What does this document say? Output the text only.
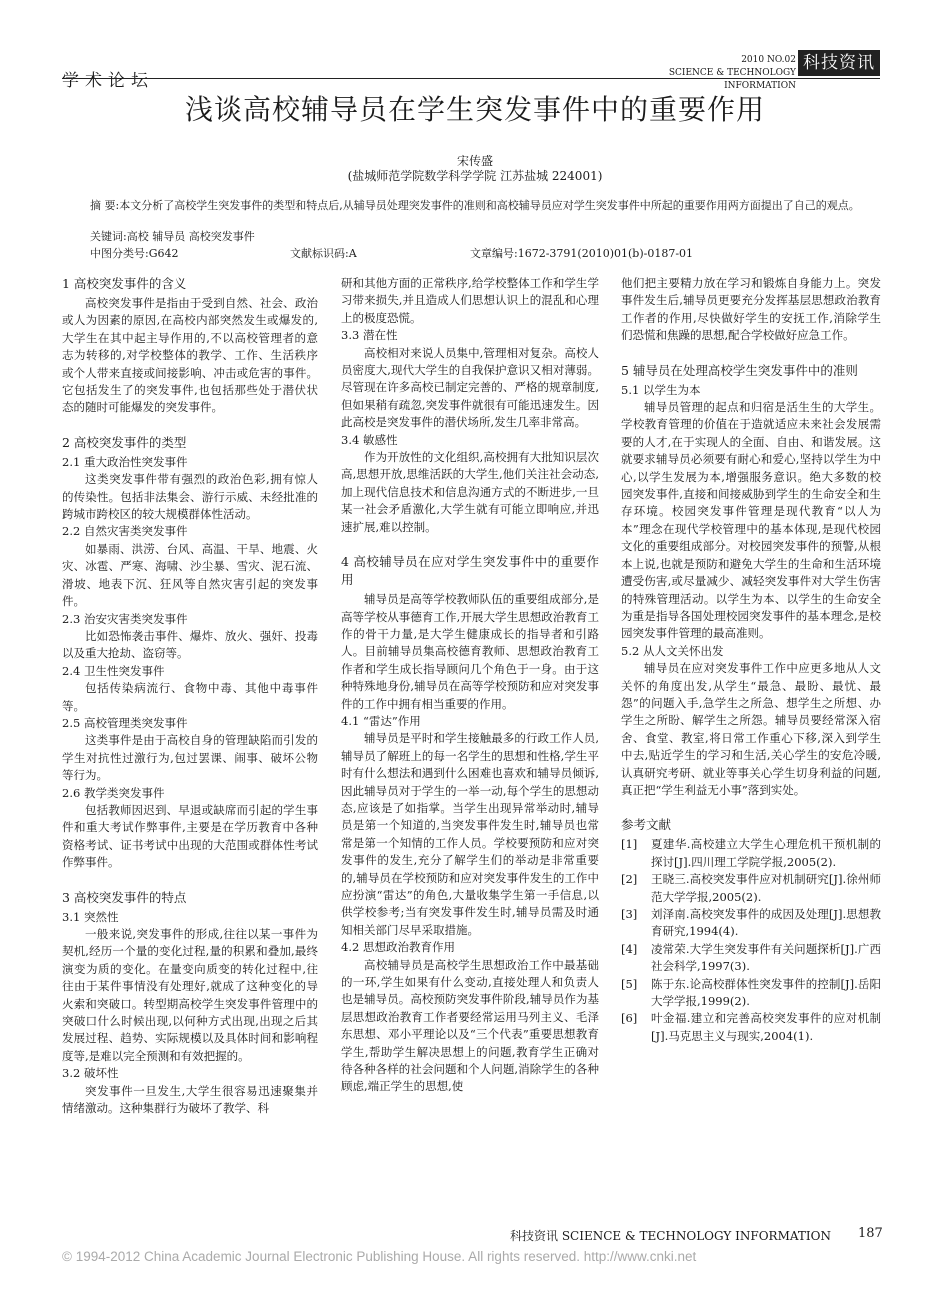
学术论坛
2010 NO.02
SCIENCE & TECHNOLOGY INFORMATION
科技资讯
浅谈高校辅导员在学生突发事件中的重要作用
宋传盛
(盐城师范学院数学科学学院 江苏盐城 224001)
摘 要:本文分析了高校学生突发事件的类型和特点后,从辅导员处理突发事件的准则和高校辅导员应对学生突发事件中所起的重要作用两方面提出了自己的观点。
关键词:高校 辅导员 高校突发事件
中图分类号:G642	文献标识码:A	文章编号:1672-3791(2010)01(b)-0187-01
1 高校突发事件的含义

高校突发事件是指由于受到自然、社会、政治或人为因素的原因,在高校内部突然发生或爆发的,大学生在其中起主导作用的,不以高校管理者的意志为转移的,对学校整体的教学、工作、生活秩序或个人带来直接或间接影响、冲击或危害的事件。它包括发生了的突发事件,也包括那些处于潜伏状态的随时可能爆发的突发事件。

2 高校突发事件的类型
2.1 重大政治性突发事件

这类突发事件带有强烈的政治色彩,拥有惊人的传染性。包括非法集会、游行示威、未经批准的跨城市跨校区的较大规模群体性活动。

2.2 自然灾害类突发事件

如暴雨、洪涝、台风、高温、干旱、地震、火灾、冰雹、严寒、海啸、沙尘暴、雪灾、泥石流、滑坡、地表下沉、狂风等自然灾害引起的突发事件。

2.3 治安灾害类突发事件

比如恐怖袭击事件、爆炸、放火、强奸、投毒以及重大抢劫、盗窃等。

2.4 卫生性突发事件

包括传染病流行、食物中毒、其他中毒事件等。

2.5 高校管理类突发事件

这类事件是由于高校自身的管理缺陷而引发的学生对抗性过激行为,包过罢课、闹事、破坏公物等行为。

2.6 教学类突发事件

包括教师因迟到、早退或缺席而引起的学生事件和重大考试作弊事件,主要是在学历教育中各种资格考试、证书考试中出现的大范围或群体性考试作弊事件。

3 高校突发事件的特点
3.1 突然性

一般来说,突发事件的形成,往往以某一事件为契机,经历一个量的变化过程,量的积累和叠加,最终演变为质的变化。在量变向质变的转化过程中,往往由于某件事情没有处理好,就成了这种变化的导火索和突破口。转型期高校学生突发事件管理中的突破口什么时候出现,以何种方式出现,出现之后其发展过程、趋势、实际规模以及具体时间和影响程度等,是难以完全预测和有效把握的。

3.2 破坏性

突发事件一旦发生,大学生很容易迅速聚集并情绪激动。这种集群行为破坏了教学、科

研和其他方面的正常秩序,给学校整体工作和学生学习带来损失,并且造成人们思想认识上的混乱和心理上的极度恐慌。

3.3 潜在性

高校相对来说人员集中,管理相对复杂。高校人员密度大,现代大学生的自我保护意识又相对薄弱。尽管现在许多高校已制定完善的、严格的规章制度,但如果稍有疏忽,突发事件就很有可能迅速发生。因此高校是突发事件的潜伏场所,发生几率非常高。

3.4 敏感性

作为开放性的文化组织,高校拥有大批知识层次高,思想开放,思维活跃的大学生,他们关注社会动态,加上现代信息技术和信息沟通方式的不断进步,一旦某一社会矛盾激化,大学生就有可能立即响应,并迅速扩展,难以控制。

4 高校辅导员在应对学生突发事件中的重要作用

辅导员是高等学校教师队伍的重要组成部分,是高等学校从事德育工作,开展大学生思想政治教育工作的骨干力量,是大学生健康成长的指导者和引路人。目前辅导员集高校德育教师、思想政治教育工作者和学生成长指导顾问几个角色于一身。由于这种特殊地身份,辅导员在高等学校预防和应对突发事件的工作中拥有相当重要的作用。

4.1 “雷达”作用

辅导员是平时和学生接触最多的行政工作人员,辅导员了解班上的每一名学生的思想和性格,学生平时有什么想法和遇到什么困难也喜欢和辅导员倾诉,因此辅导员对于学生的一举一动,每个学生的思想动态,应该是了如指掌。当学生出现异常举动时,辅导员是第一个知道的,当突发事件发生时,辅导员也常常是第一个知情的工作人员。学校要预防和应对突发事件的发生,充分了解学生们的举动是非常重要的,辅导员在学校预防和应对突发事件发生的工作中应扮演“雷达”的角色,大量收集学生第一手信息,以供学校参考;当有突发事件发生时,辅导员需及时通知相关部门尽早采取措施。

4.2 思想政治教育作用

高校辅导员是高校学生思想政治工作中最基础的一环,学生如果有什么变动,直接处理人和负责人也是辅导员。高校预防突发事件阶段,辅导员作为基层思想政治教育工作者要经常运用马列主义、毛泽东思想、邓小平理论以及“三个代表”重要思想教育学生,帮助学生解决思想上的问题,教育学生正确对待各种各样的社会问题和个人问题,消除学生的各种顾虑,端正学生的思想,使

他们把主要精力放在学习和锻炼自身能力上。突发事件发生后,辅导员更要充分发挥基层思想政治教育工作者的作用,尽快做好学生的安抚工作,消除学生们恐慌和焦躁的思想,配合学校做好应急工作。

5 辅导员在处理高校学生突发事件中的准则
5.1 以学生为本

辅导员管理的起点和归宿是活生生的大学生。学校教育管理的价值在于造就适应未来社会发展需要的人才,在于实现人的全面、自由、和谐发展。这就要求辅导员必须要有耐心和爱心,坚持以学生为中心,以学生发展为本,增强服务意识。绝大多数的校园突发事件,直接和间接威胁到学生的生命安全和生存环境。校园突发事件管理是现代教育“以人为本”理念在现代学校管理中的基本体现,是现代校园文化的重要组成部分。对校园突发事件的预警,从根本上说,也就是预防和避免大学生的生命和生活环境遭受伤害,或尽量减少、减轻突发事件对大学生伤害的特殊管理活动。以学生为本、以学生的生命安全为重是指导各国处理校园突发事件的基本理念,是校园突发事件管理的最高准则。

5.2 从人文关怀出发

辅导员在应对突发事件工作中应更多地从人文关怀的角度出发,从学生“最急、最盼、最忧、最怨”的问题入手,急学生之所急、想学生之所想、办学生之所盼、解学生之所怨。辅导员要经常深入宿舍、食堂、教室,将日常工作重心下移,深入到学生中去,贴近学生的学习和生活,关心学生的安危冷暖,认真研究考研、就业等事关心学生切身利益的问题,真正把“学生利益无小事”落到实处。

参考文献
[1] 夏建华.高校建立大学生心理危机干预机制的探讨[J].四川理工学院学报,2005(2).
[2] 王晓三.高校突发事件应对机制研究[J].徐州师范大学学报,2005(2).
[3] 刘泽南.高校突发事件的成因及处理[J].思想教育研究,1994(4).
[4] 凌常荣.大学生突发事件有关问题探析[J].广西社会科学,1997(3).
[5] 陈于东.论高校群体性突发事件的控制[J].岳阳大学学报,1999(2).
[6] 叶金福.建立和完善高校突发事件的应对机制[J].马克思主义与现实,2004(1).
科技资讯 SCIENCE & TECHNOLOGY INFORMATION 187
© 1994-2012 China Academic Journal Electronic Publishing House. All rights reserved. http://www.cnki.net
